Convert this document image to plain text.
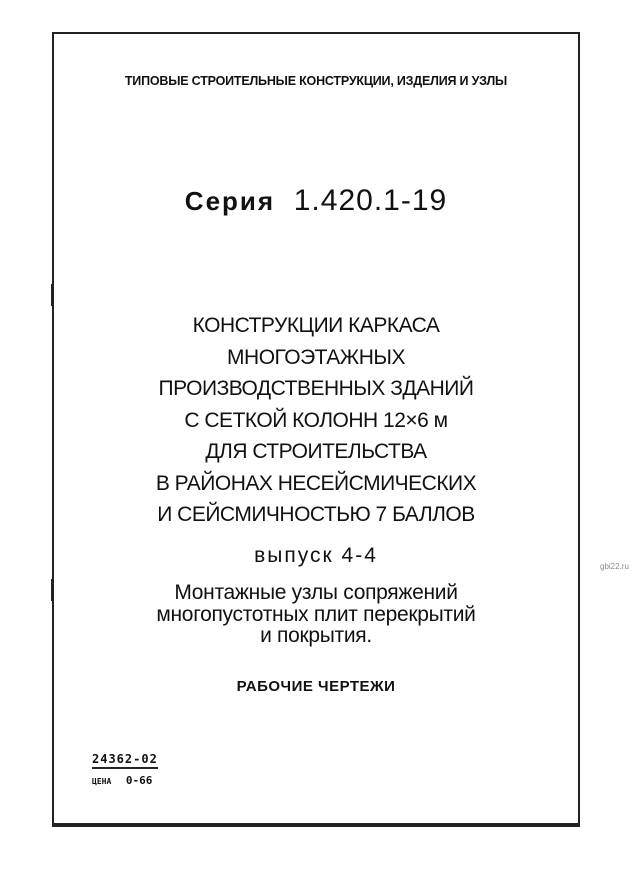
ТИПОВЫЕ СТРОИТЕЛЬНЫЕ КОНСТРУКЦИИ, ИЗДЕЛИЯ И УЗЛЫ
Серия 1.420.1-19
КОНСТРУКЦИИ КАРКАСА
МНОГОЭТАЖНЫХ
ПРОИЗВОДСТВЕННЫХ ЗДАНИЙ
С СЕТКОЙ КОЛОНН 12×6 м
ДЛЯ СТРОИТЕЛЬСТВА
В РАЙОНАХ НЕСЕЙСМИЧЕСКИХ
И СЕЙСМИЧНОСТЬЮ 7 БАЛЛОВ
выпуск 4-4
Монтажные узлы сопряжений
многопустотных плит перекрытий
и покрытия.
РАБОЧИЕ ЧЕРТЕЖИ
24362-02
ЦЕНА 0-66
gbi22.ru
